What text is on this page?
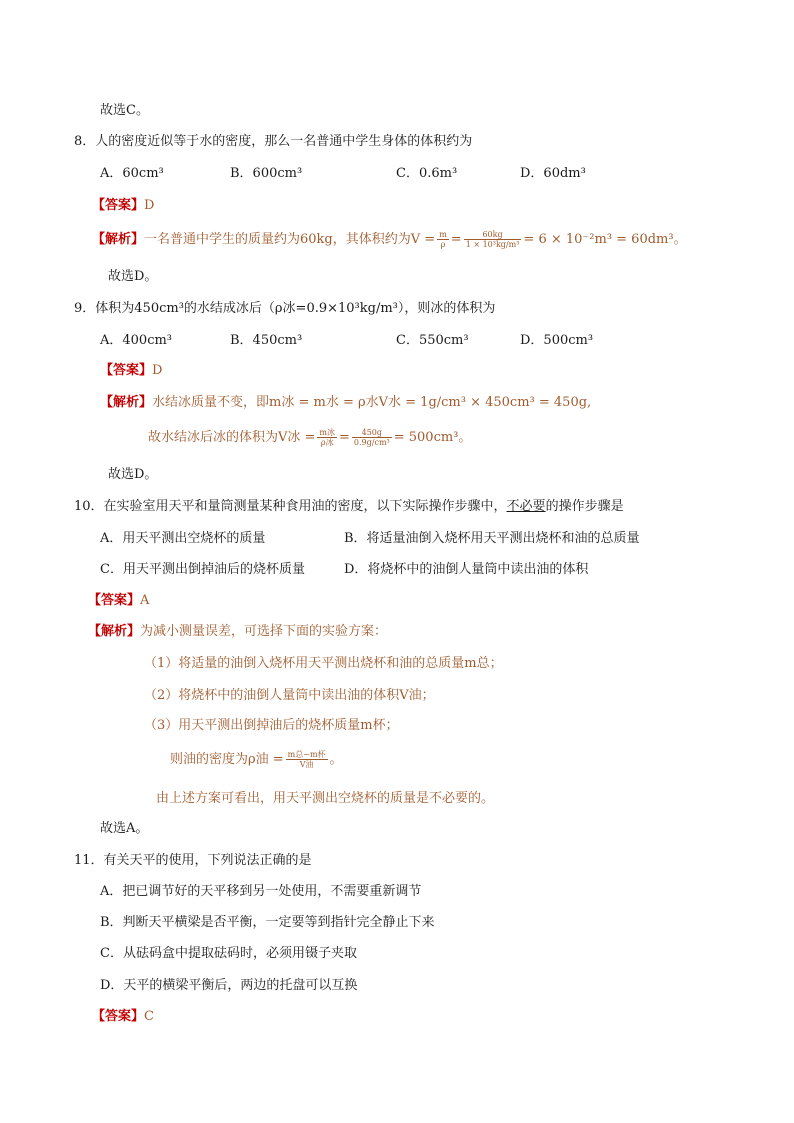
故选C。
8．人的密度近似等于水的密度，那么一名普通中学生身体的体积约为
A．60cm³	B．600cm³	C．0.6m³	D．60dm³
【答案】D
【解析】一名普通中学生的质量约为60kg，其体积约为$V = \frac{m}{\rho} = \frac{60kg}{\text{1 × 10³kg/m³}} = 6 \times 10^{-2}m^3 = 60dm^3$。
故选D。
9．体积为450cm³的水结成冰后（ρ冰=0.9×10³kg/m³），则冰的体积为
A．400cm³	B．450cm³	C．550cm³	D．500cm³
【答案】D
【解析】水结冰质量不变，即m冰 = m水 = ρ水V水 = 1g/cm³ × 450cm³ = 450g,
故水结冰后冰的体积为V冰 = $\frac{\text{m冰}}{\text{ρ冰}} = \frac{450g}{\text{0.9g/cm³}} = 500cm^3$。
故选D。
10．在实验室用天平和量筒测量某种食用油的密度，以下实际操作步骤中，不必要的操作步骤是
A．用天平测出空烧杯的质量	B．将适量油倒入烧杯用天平测出烧杯和油的总质量
C．用天平测出倒掉油后的烧杯质量	D．将烧杯中的油倒人量筒中读出油的体积
【答案】A
【解析】为减小测量误差，可选择下面的实验方案：
（1）将适量的油倒入烧杯用天平测出烧杯和油的总质量m总；
（2）将烧杯中的油倒人量筒中读出油的体积V油；
（3）用天平测出倒掉油后的烧杯质量m杯；
则油的密度为ρ油 = $\frac{\text{m总−m杯}}{\text{V油}}$ 。
由上述方案可看出，用天平测出空烧杯的质量是不必要的。
故选A。
11．有关天平的使用，下列说法正确的是
A．把已调节好的天平移到另一处使用，不需要重新调节
B．判断天平横梁是否平衡，一定要等到指针完全静止下来
C．从砝码盒中提取砝码时，必须用镊子夹取
D．天平的横梁平衡后，两边的托盘可以互换
【答案】C
